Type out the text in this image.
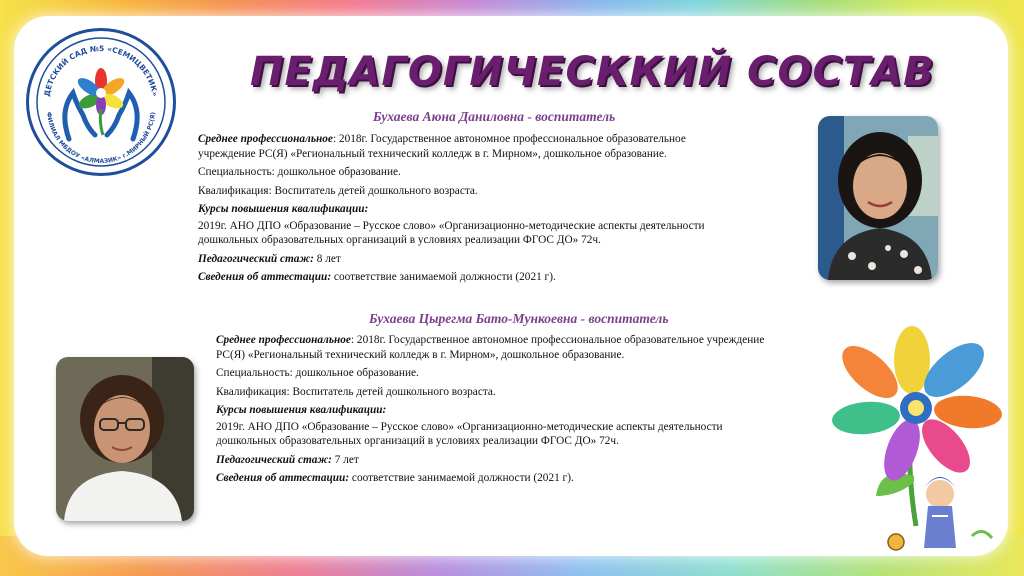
ДЕТСКИЙ САД №5 «СЕМИЦВЕТИК»
ФИЛИАЛ МБДОУ «АЛМАЗИК» г.МИРНЫЙ РС(Я)
ПЕДАГОГИЧЕСККИЙ СОСТАВ
Бухаева Аюна Даниловна - воспитатель

Среднее профессиональное: 2018г. Государственное автономное профессиональное образовательное
учреждение РС(Я) «Региональный технический колледж в г. Мирном», дошкольное образование.

Специальность: дошкольное образование.

Квалификация: Воспитатель детей дошкольного возраста.

Курсы повышения квалификации:

2019г. АНО ДПО «Образование – Русское слово» «Организационно-методические аспекты деятельности
дошкольных образовательных организаций в условиях реализации ФГОС ДО» 72ч.

Педагогический стаж: 8 лет

Сведения об аттестации: соответствие занимаемой должности (2021 г).

Бухаева Цырегма Бато-Мункоевна - воспитатель

Среднее профессиональное: 2018г. Государственное автономное профессиональное образовательное учреждение
РС(Я) «Региональный технический колледж в г. Мирном», дошкольное образование.

Специальность: дошкольное образование.

Квалификация: Воспитатель детей дошкольного возраста.

Курсы повышения квалификации:

2019г. АНО ДПО «Образование – Русское слово» «Организационно-методические аспекты деятельности
дошкольных образовательных организаций в условиях реализации ФГОС ДО» 72ч.

Педагогический стаж: 7 лет

Сведения об аттестации: соответствие занимаемой должности (2021 г).
